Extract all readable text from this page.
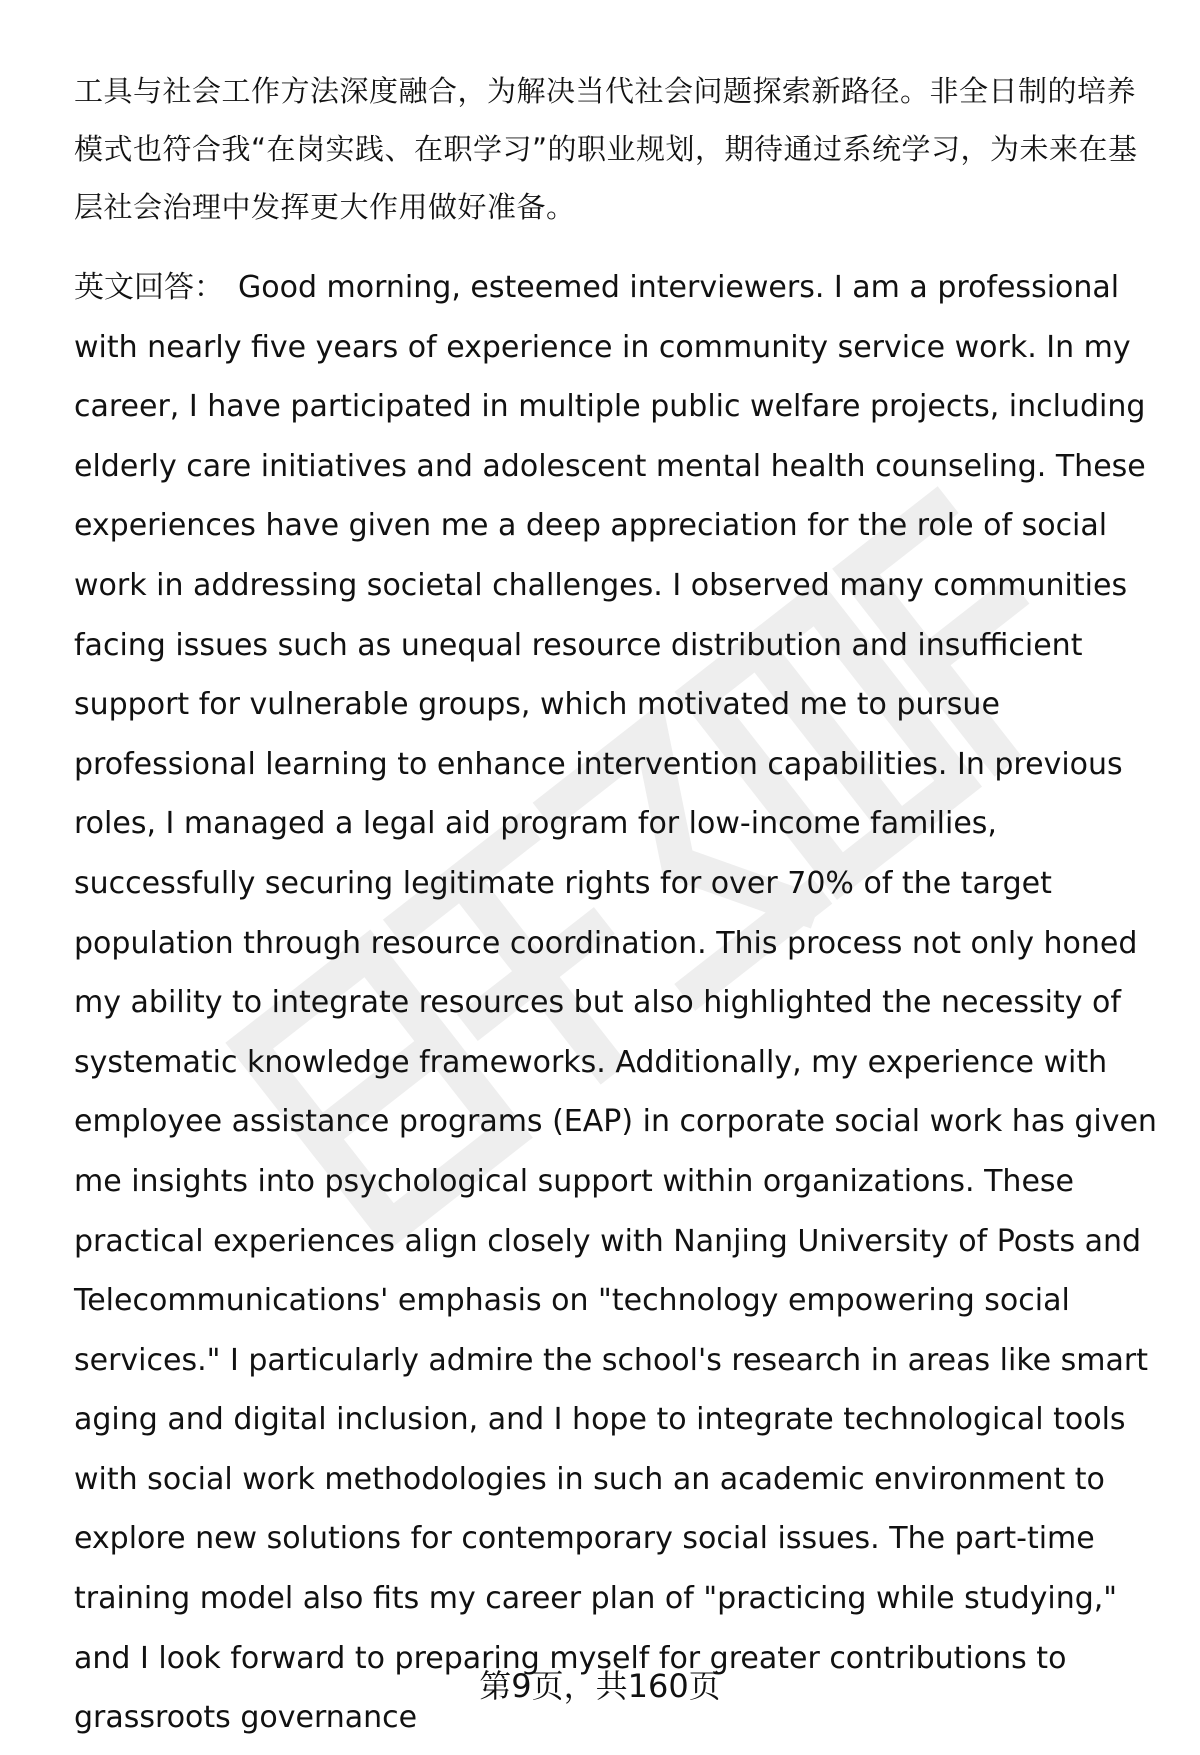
工具与社会工作方法深度融合，为解决当代社会问题探索新路径。非全日制的培养模式也符合我“在岗实践、在职学习”的职业规划，期待通过系统学习，为未来在基层社会治理中发挥更大作用做好准备。

英文回答： Good morning, esteemed interviewers. I am a professional with nearly five years of experience in community service work. In my career, I have participated in multiple public welfare projects, including elderly care initiatives and adolescent mental health counseling. These experiences have given me a deep appreciation for the role of social work in addressing societal challenges. I observed many communities facing issues such as unequal resource distribution and insufficient support for vulnerable groups, which motivated me to pursue professional learning to enhance intervention capabilities. In previous roles, I managed a legal aid program for low-income families, successfully securing legitimate rights for over 70% of the target population through resource coordination. This process not only honed my ability to integrate resources but also highlighted the necessity of systematic knowledge frameworks. Additionally, my experience with employee assistance programs (EAP) in corporate social work has given me insights into psychological support within organizations. These practical experiences align closely with Nanjing University of Posts and Telecommunications' emphasis on "technology empowering social services." I particularly admire the school's research in areas like smart aging and digital inclusion, and I hope to integrate technological tools with social work methodologies in such an academic environment to explore new solutions for contemporary social issues. The part-time training model also fits my career plan of "practicing while studying," and I look forward to preparing myself for greater contributions to grassroots governance

第9页，共160页
